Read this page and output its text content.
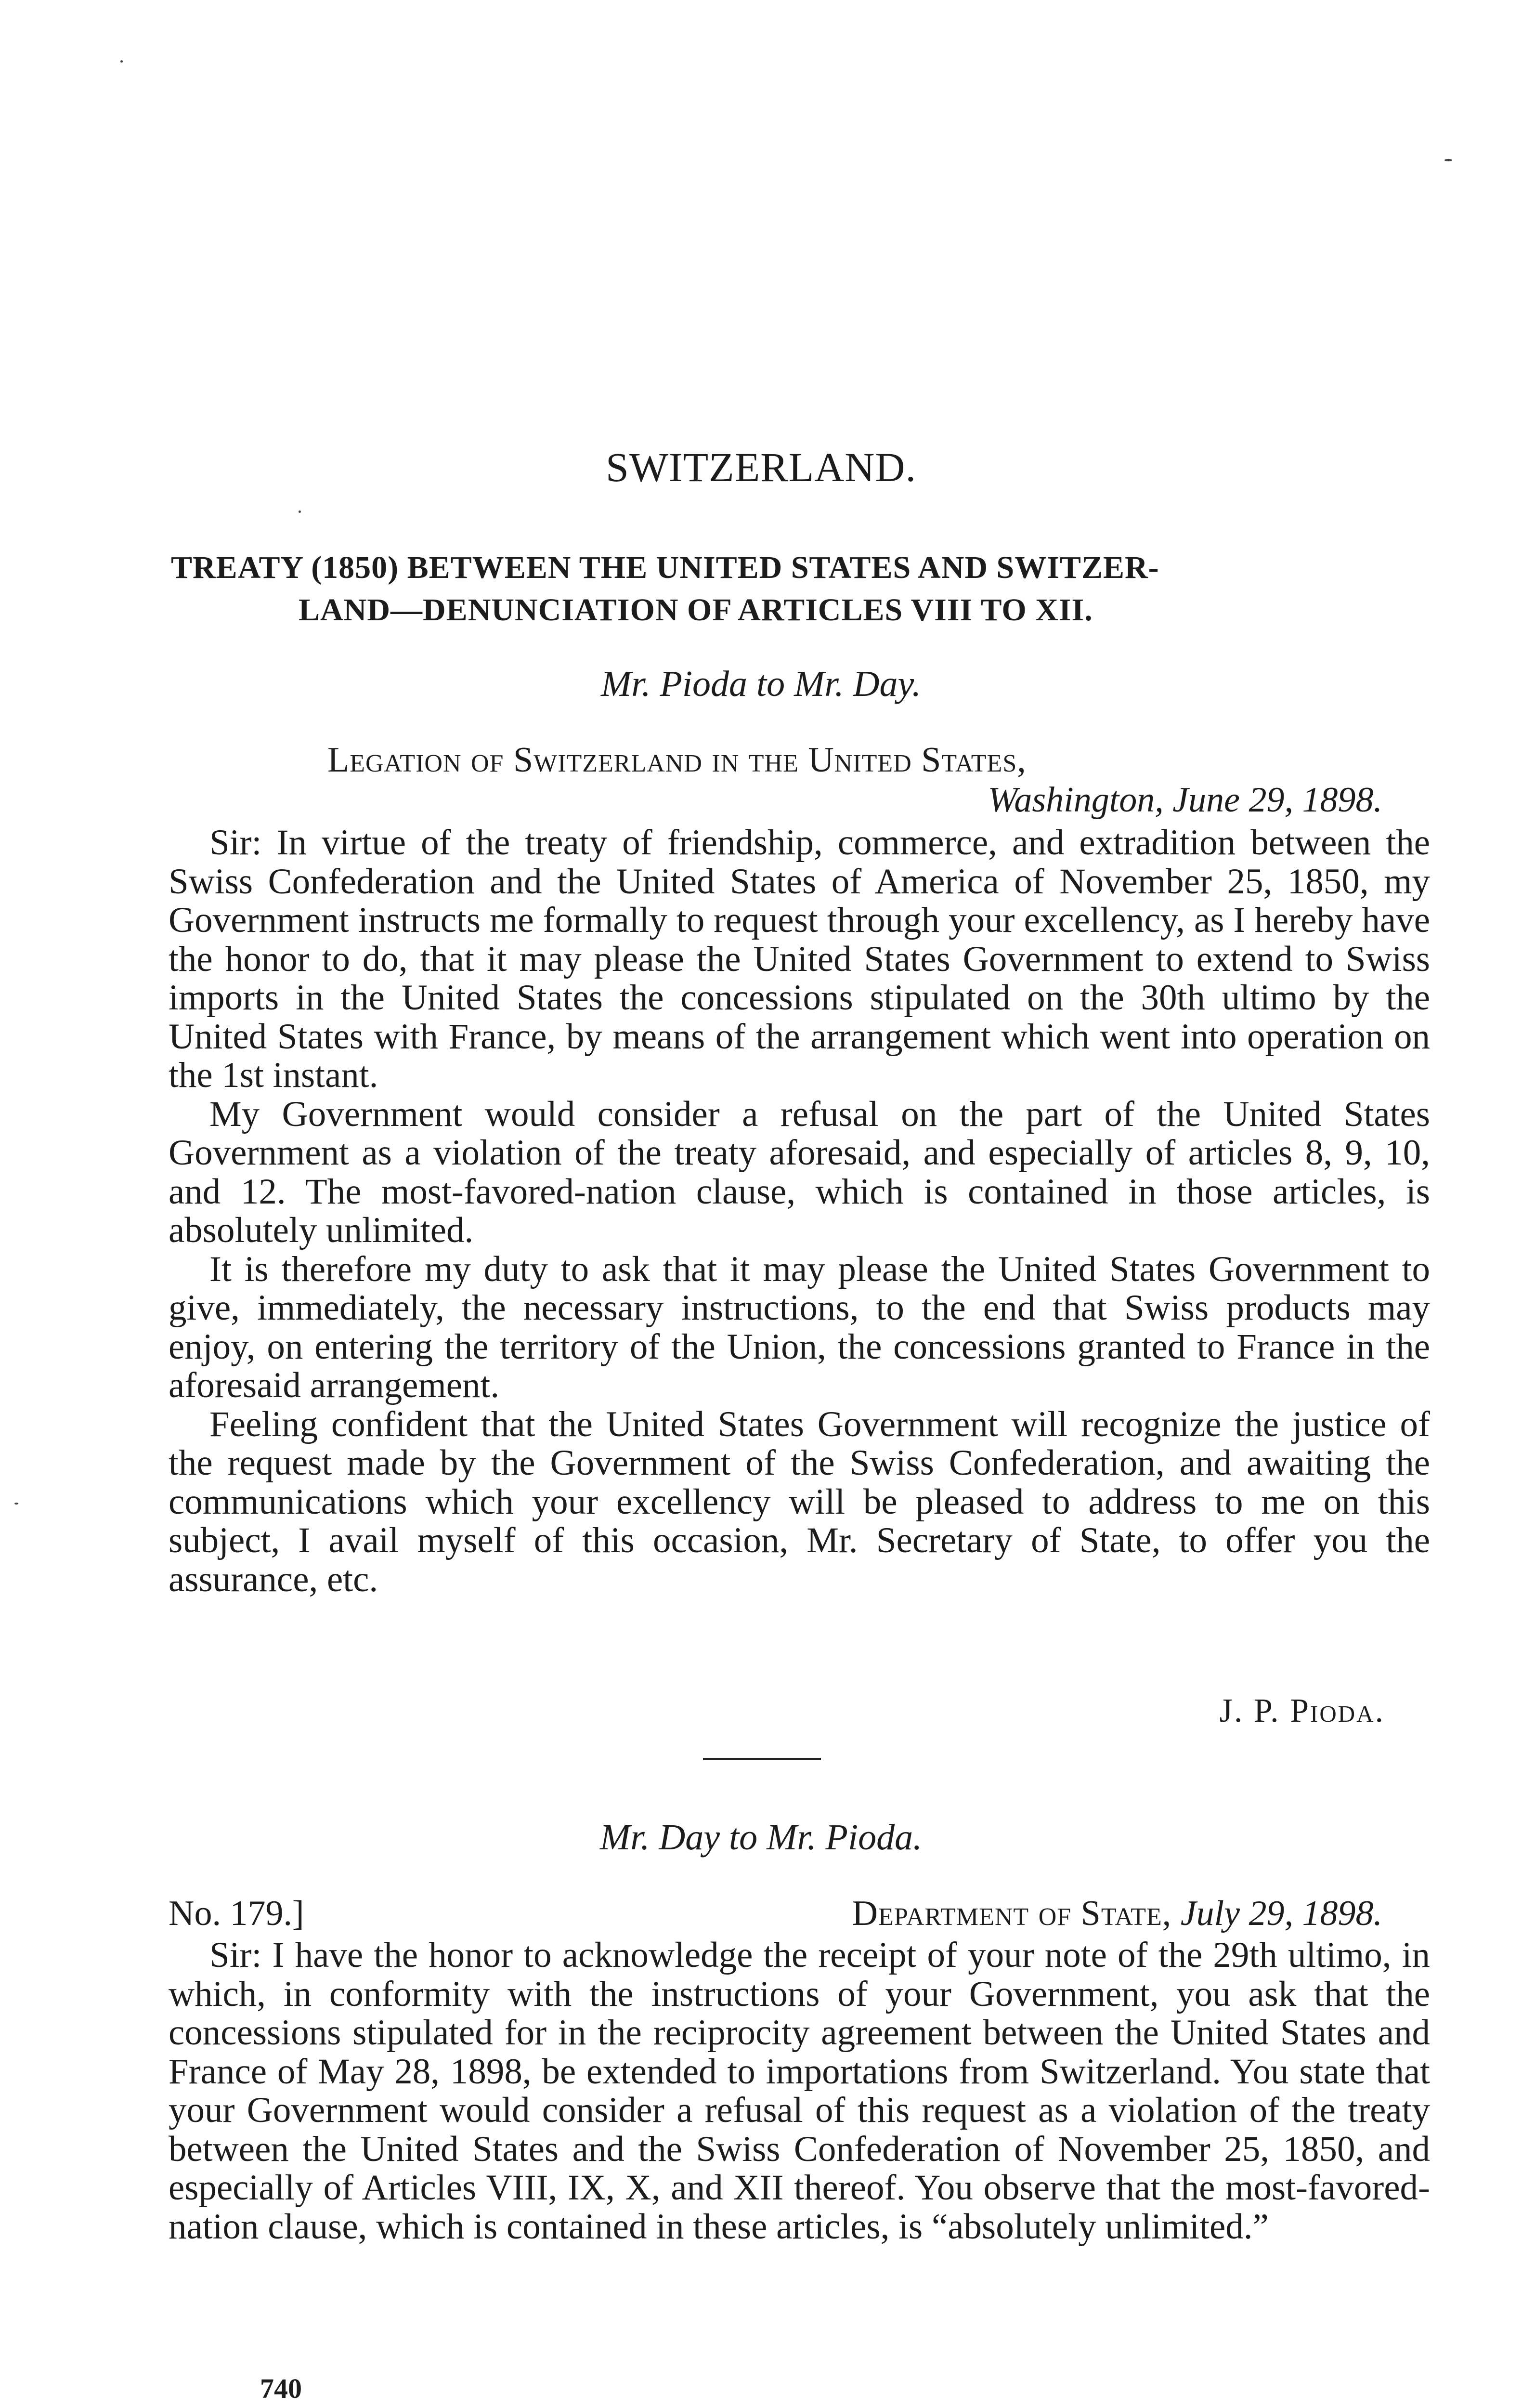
SWITZERLAND.
TREATY (1850) BETWEEN THE UNITED STATES AND SWITZER-
LAND—DENUNCIATION OF ARTICLES VIII TO XII.
Mr. Pioda to Mr. Day.
Legation of Switzerland in the United States,
Washington, June 29, 1898.

Sir: In virtue of the treaty of friendship, commerce, and extradition between the Swiss Confederation and the United States of America of November 25, 1850, my Government instructs me formally to request through your excellency, as I hereby have the honor to do, that it may please the United States Government to extend to Swiss imports in the United States the concessions stipulated on the 30th ultimo by the United States with France, by means of the arrangement which went into operation on the 1st instant.

My Government would consider a refusal on the part of the United States Government as a violation of the treaty aforesaid, and especially of articles 8, 9, 10, and 12. The most-favored-nation clause, which is contained in those articles, is absolutely unlimited.

It is therefore my duty to ask that it may please the United States Government to give, immediately, the necessary instructions, to the end that Swiss products may enjoy, on entering the territory of the Union, the concessions granted to France in the aforesaid arrangement.

Feeling confident that the United States Government will recognize the justice of the request made by the Government of the Swiss Confederation, and awaiting the communications which your excellency will be pleased to address to me on this subject, I avail myself of this occasion, Mr. Secretary of State, to offer you the assurance, etc.

J. P. Pioda.
Mr. Day to Mr. Pioda.
No. 179.]	Department of State, July 29, 1898.

Sir: I have the honor to acknowledge the receipt of your note of the 29th ultimo, in which, in conformity with the instructions of your Government, you ask that the concessions stipulated for in the reciprocity agreement between the United States and France of May 28, 1898, be extended to importations from Switzerland. You state that your Government would consider a refusal of this request as a violation of the treaty between the United States and the Swiss Confederation of November 25, 1850, and especially of Articles VIII, IX, X, and XII thereof. You observe that the most-favored-nation clause, which is contained in these articles, is “absolutely unlimited.”

740
